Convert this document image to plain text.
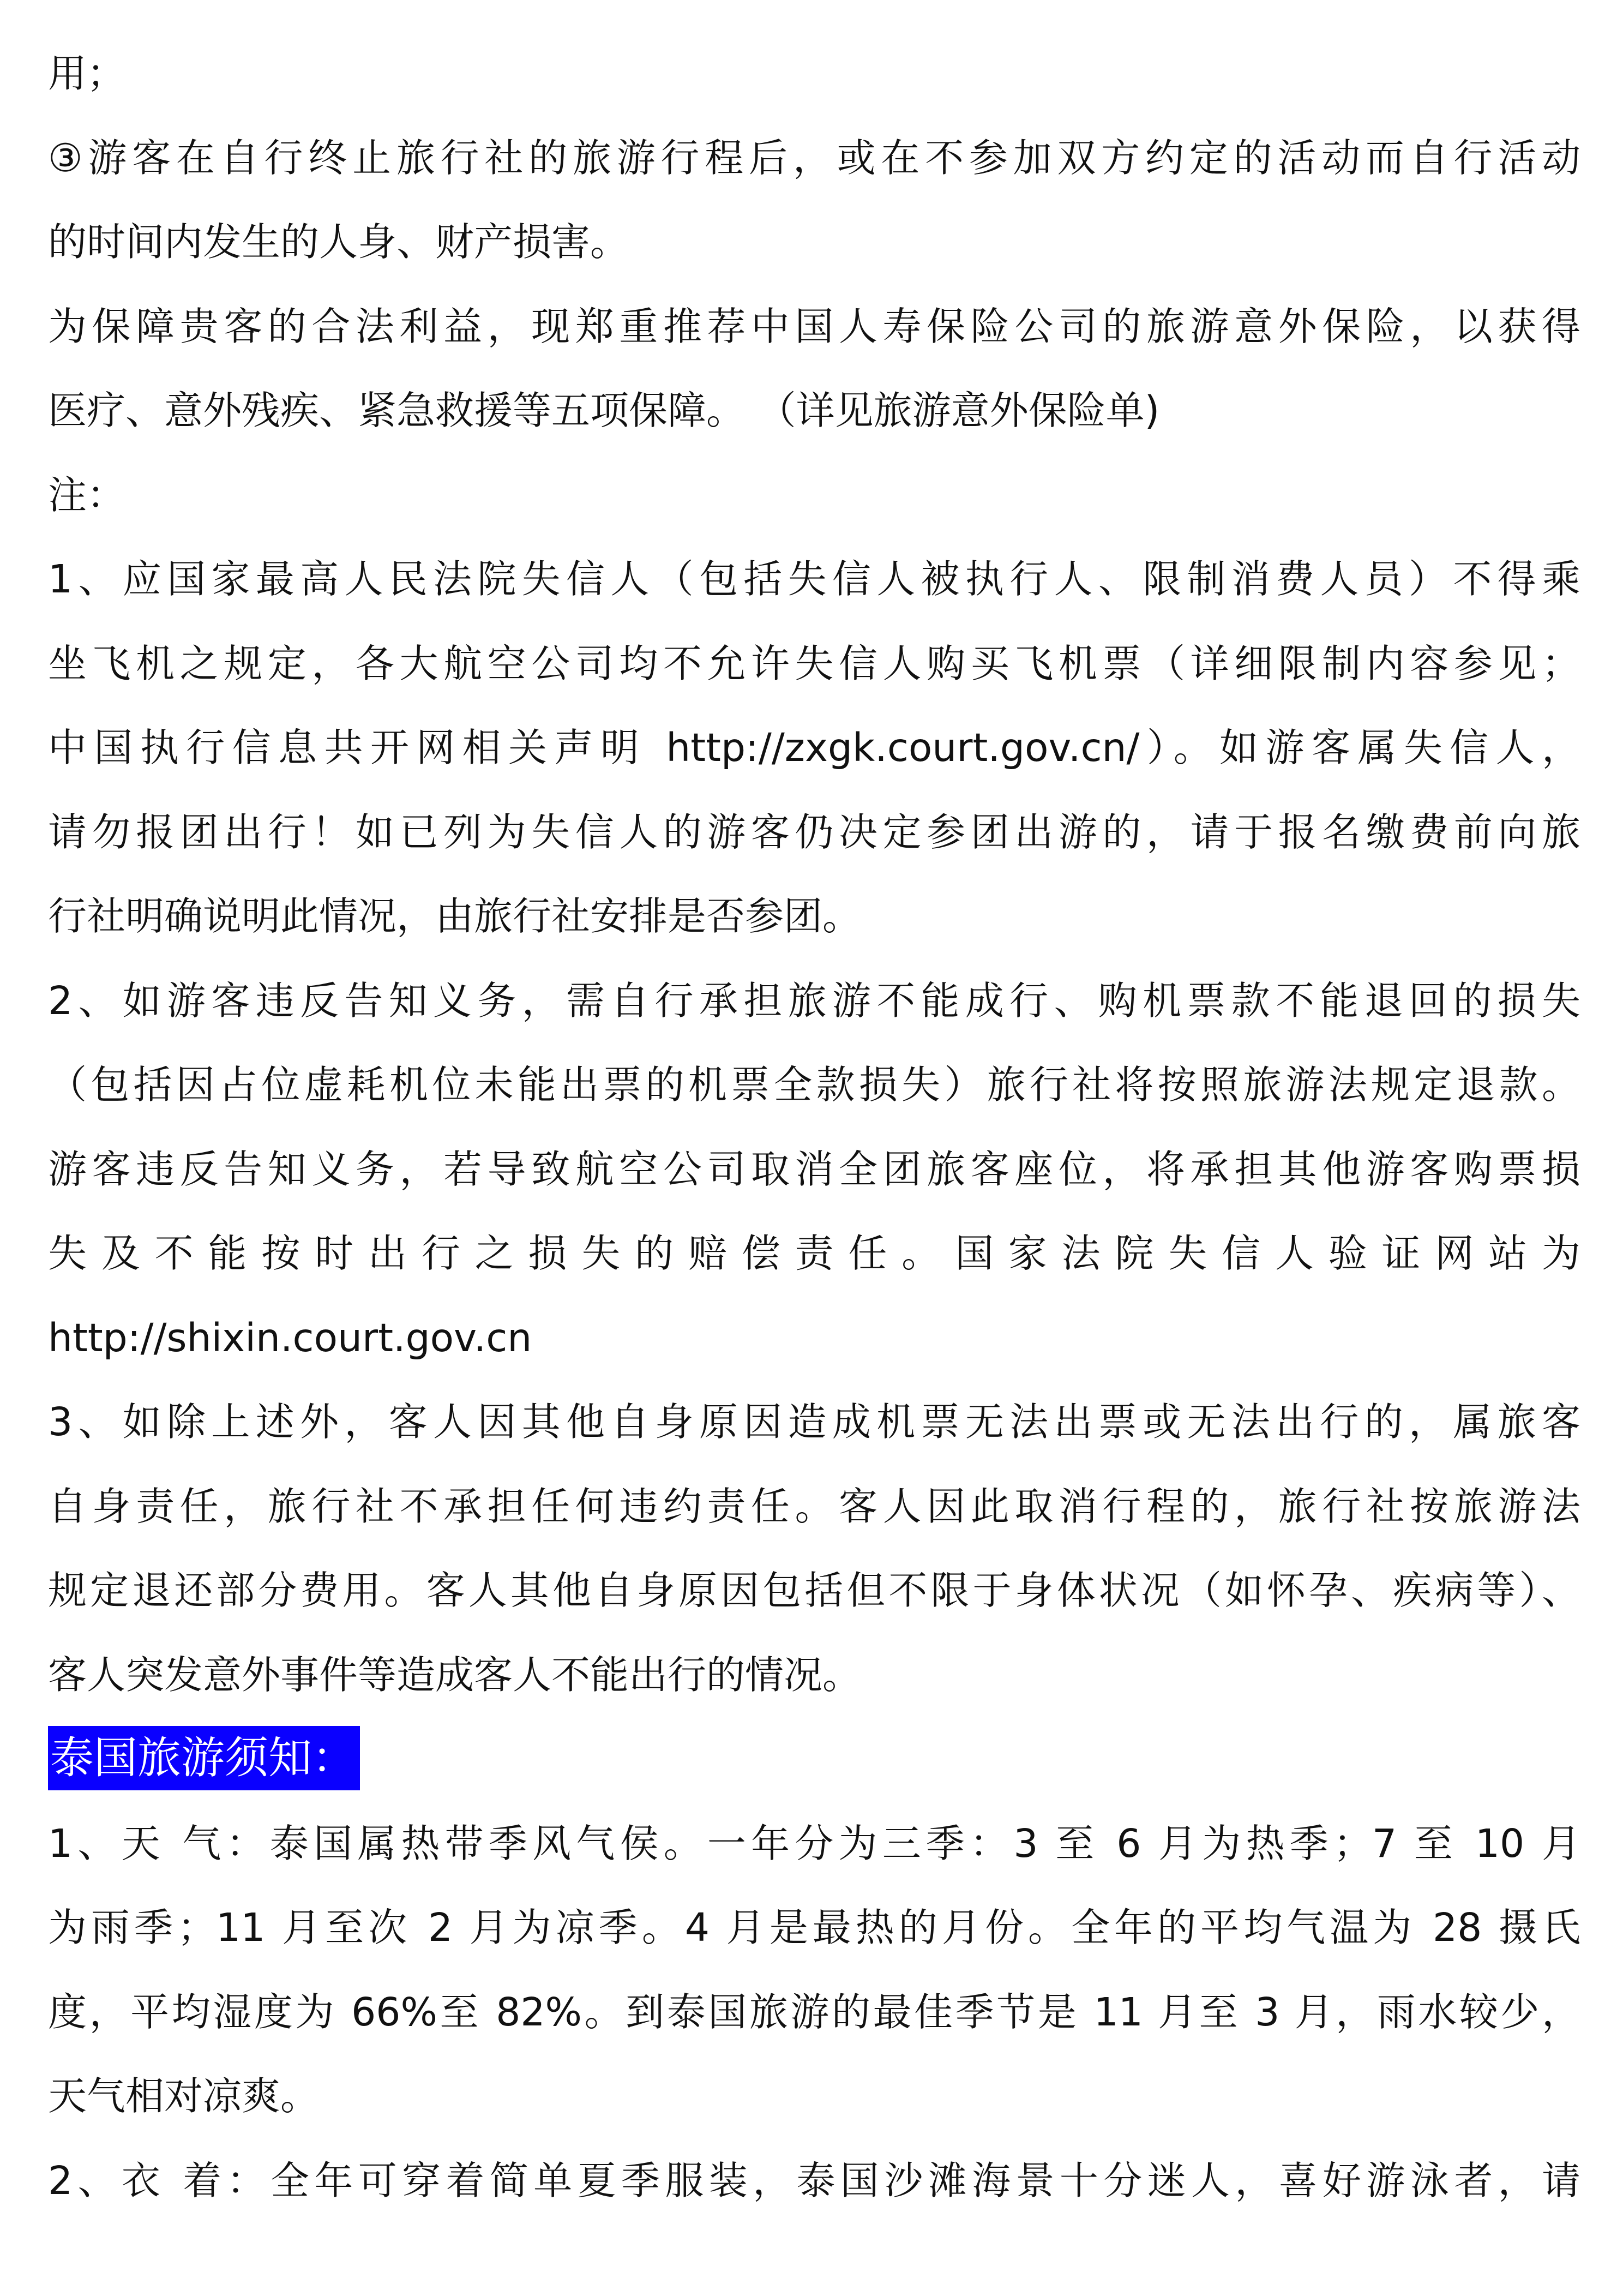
用；
③游客在自行终止旅行社的旅游行程后，或在不参加双方约定的活动而自行活动
的时间内发生的人身、财产损害。
为保障贵客的合法利益，现郑重推荐中国人寿保险公司的旅游意外保险，以获得
医疗、意外残疾、紧急救援等五项保障。 （详见旅游意外保险单)
注：
1、应国家最高人民法院失信人（包括失信人被执行人、限制消费人员）不得乘
坐飞机之规定，各大航空公司均不允许失信人购买飞机票（详细限制内容参见；
中国执行信息共开网相关声明 http://zxgk.court.gov.cn/）。如游客属失信人，
请勿报团出行！如已列为失信人的游客仍决定参团出游的，请于报名缴费前向旅
行社明确说明此情况，由旅行社安排是否参团。
2、如游客违反告知义务，需自行承担旅游不能成行、购机票款不能退回的损失
（包括因占位虚耗机位未能出票的机票全款损失）旅行社将按照旅游法规定退款。
游客违反告知义务，若导致航空公司取消全团旅客座位，将承担其他游客购票损
失及不能按时出行之损失的赔偿责任。国家法院失信人验证网站为
http://shixin.court.gov.cn
3、如除上述外，客人因其他自身原因造成机票无法出票或无法出行的，属旅客
自身责任，旅行社不承担任何违约责任。客人因此取消行程的，旅行社按旅游法
规定退还部分费用。客人其他自身原因包括但不限于身体状况（如怀孕、疾病等）、
客人突发意外事件等造成客人不能出行的情况。
泰国旅游须知：
1、天 气：泰国属热带季风气侯。一年分为三季：3 至 6 月为热季；7 至 10 月
为雨季；11 月至次 2 月为凉季。4 月是最热的月份。全年的平均气温为 28 摄氏
度，平均湿度为 66%至 82%。到泰国旅游的最佳季节是 11 月至 3 月，雨水较少，
天气相对凉爽。
2、衣 着：全年可穿着简单夏季服装，泰国沙滩海景十分迷人，喜好游泳者，请
